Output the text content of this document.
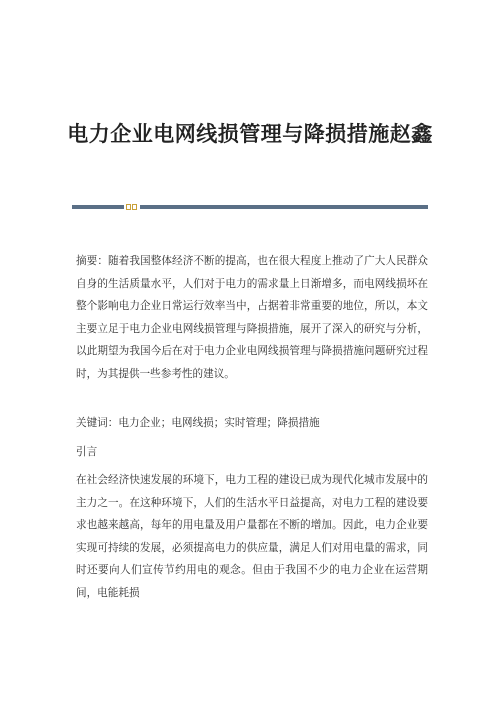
电力企业电网线损管理与降损措施赵鑫
摘要：随着我国整体经济不断的提高，也在很大程度上推动了广大人民群众自身的生活质量水平，人们对于电力的需求量上日渐增多，而电网线损坏在整个影响电力企业日常运行效率当中，占据着非常重要的地位，所以，本文主要立足于电力企业电网线损管理与降损措施，展开了深入的研究与分析，以此期望为我国今后在对于电力企业电网线损管理与降损措施问题研究过程时，为其提供一些参考性的建议。
关键词：电力企业；电网线损；实时管理；降损措施
引言
在社会经济快速发展的环境下，电力工程的建设已成为现代化城市发展中的主力之一。在这种环境下，人们的生活水平日益提高，对电力工程的建设要求也越来越高，每年的用电量及用户量都在不断的增加。因此，电力企业要实现可持续的发展，必须提高电力的供应量，满足人们对用电量的需求，同时还要向人们宣传节约用电的观念。但由于我国不少的电力企业在运营期间，电能耗损
